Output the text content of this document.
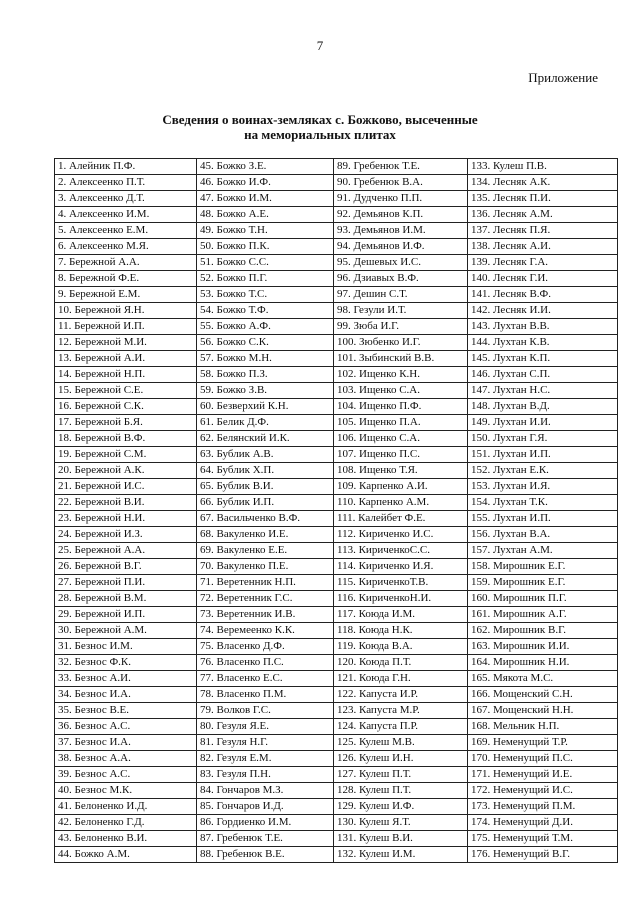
7
Приложение
Сведения о воинах-земляках с. Божково, высеченные
на мемориальных плитах
1. Алейник П.Ф.	45. Божко З.Е.	89. Гребенюк Т.Е.	133. Кулеш П.В.
2. Алексеенко П.Т.	46. Божко И.Ф.	90. Гребенюк В.А.	134. Лесняк А.К.
3. Алексеенко Д.Т.	47. Божко И.М.	91. Дудченко П.П.	135. Лесняк П.И.
4. Алексеенко И.М.	48. Божко А.Е.	92. Демьянов К.П.	136. Лесняк А.М.
5. Алексеенко Е.М.	49. Божко Т.Н.	93. Демьянов И.М.	137. Лесняк П.Я.
6. Алексеенко М.Я.	50. Божко П.К.	94. Демьянов И.Ф.	138. Лесняк А.И.
7. Бережной А.А.	51. Божко С.С.	95. Дешевых И.С.	139. Лесняк Г.А.
8. Бережной Ф.Е.	52. Божко П.Г.	96. Дзиавых В.Ф.	140. Лесняк Г.И.
9. Бережной Е.М.	53. Божко Т.С.	97. Дешин С.Т.	141. Лесняк В.Ф.
10. Бережной Я.Н.	54. Божко Т.Ф.	98. Гезули И.Т.	142. Лесняк И.И.
11. Бережной И.П.	55. Божко А.Ф.	99. Зюба И.Г.	143. Лухтан В.В.
12. Бережной М.И.	56. Божко С.К.	100. Зюбенко И.Г.	144. Лухтан К.В.
13. Бережной А.И.	57. Божко М.Н.	101. Зыбинский В.В.	145. Лухтан К.П.
14. Бережной Н.П.	58. Божко П.З.	102. Ищенко К.Н.	146. Лухтан С.П.
15. Бережной С.Е.	59. Божко З.В.	103. Ищенко С.А.	147. Лухтан Н.С.
16. Бережной С.К.	60. Безверхий К.Н.	104. Ищенко П.Ф.	148. Лухтан В.Д.
17. Бережной Б.Я.	61. Белик Д.Ф.	105. Ищенко П.А.	149. Лухтан И.И.
18. Бережной В.Ф.	62. Белянский И.К.	106. Ищенко С.А.	150. Лухтан Г.Я.
19. Бережной С.М.	63. Бублик А.В.	107. Ищенко П.С.	151. Лухтан И.П.
20. Бережной А.К.	64. Бублик Х.П.	108. Ищенко Т.Я.	152. Лухтан Е.К.
21. Бережной И.С.	65. Бублик В.И.	109. Карпенко А.И.	153. Лухтан И.Я.
22. Бережной В.И.	66. Бублик И.П.	110. Карпенко А.М.	154. Лухтан Т.К.
23. Бережной Н.И.	67. Васильченко В.Ф.	111. Калейбет Ф.Е.	155. Лухтан И.П.
24. Бережной И.З.	68. Вакуленко И.Е.	112. Кириченко И.С.	156. Лухтан В.А.
25. Бережной А.А.	69. Вакуленко Е.Е.	113. КириченкоС.С.	157. Лухтан А.М.
26. Бережной В.Г.	70. Вакуленко П.Е.	114. Кириченко И.Я.	158. Мирошник Е.Г.
27. Бережной П.И.	71. Веретенник Н.П.	115. КириченкоТ.В.	159. Мирошник Е.Г.
28. Бережной В.М.	72. Веретенник Г.С.	116. КириченкоН.И.	160. Мирошник П.Г.
29. Бережной И.П.	73. Веретенник И.В.	117. Коюда И.М.	161. Мирошник А.Г.
30. Бережной А.М.	74. Веремеенко К.К.	118. Коюда Н.К.	162. Мирошник В.Г.
31. Безнос И.М.	75. Власенко Д.Ф.	119. Коюда В.А.	163. Мирошник И.И.
32. Безнос Ф.К.	76. Власенко П.С.	120. Коюда П.Т.	164. Мирошник Н.И.
33. Безнос А.И.	77. Власенко Е.С.	121. Коюда Г.Н.	165. Мякота М.С.
34. Безнос И.А.	78. Власенко П.М.	122. Капуста И.Р.	166. Мощенский С.Н.
35. Безнос В.Е.	79. Волков Г.С.	123. Капуста М.Р.	167. Мощенский Н.Н.
36. Безнос А.С.	80. Гезуля Я.Е.	124. Капуста П.Р.	168. Мельник Н.П.
37. Безнос И.А.	81. Гезуля Н.Г.	125. Кулеш М.В.	169. Неменущий Т.Р.
38. Безнос А.А.	82. Гезуля Е.М.	126. Кулеш И.Н.	170. Неменущий П.С.
39. Безнос А.С.	83. Гезуля П.Н.	127. Кулеш П.Т.	171. Неменущий И.Е.
40. Безнос М.К.	84. Гончаров М.З.	128. Кулеш П.Т.	172. Неменущий И.С.
41. Белоненко И.Д.	85. Гончаров И.Д.	129. Кулеш И.Ф.	173. Неменущий П.М.
42. Белоненко Г.Д.	86. Гордиенко И.М.	130. Кулеш Я.Т.	174. Неменущий Д.И.
43. Белоненко В.И.	87. Гребенюк Т.Е.	131. Кулеш В.И.	175. Неменущий Т.М.
44. Божко А.М.	88. Гребенюк В.Е.	132. Кулеш И.М.	176. Неменущий В.Г.
